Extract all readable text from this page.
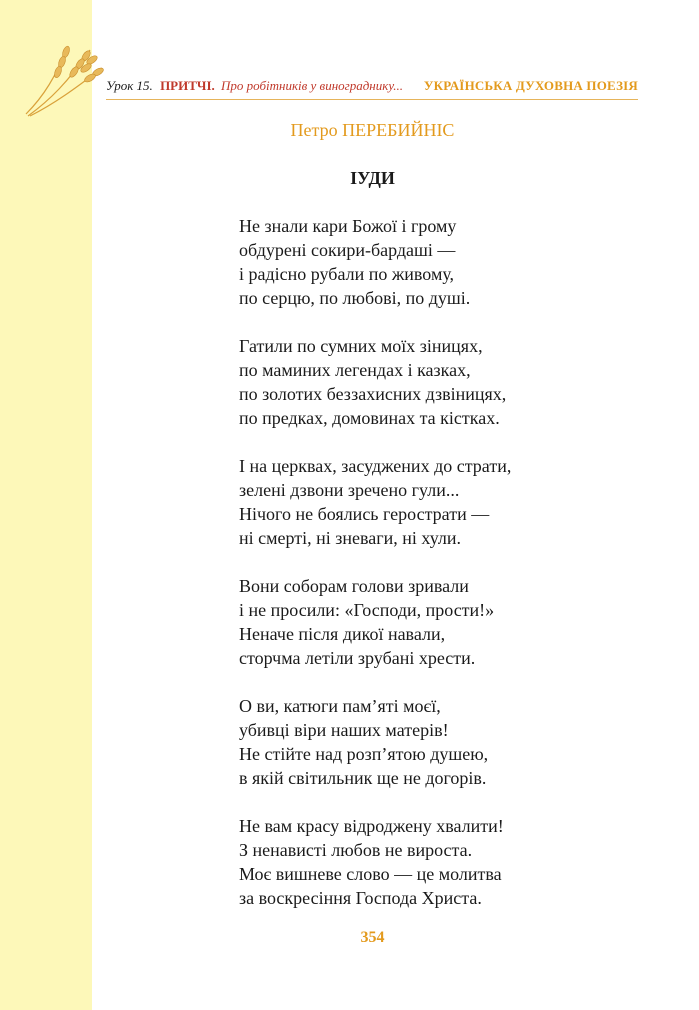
Урок 15. ПРИТЧІ. Про робітників у винограднику... УКРАЇНСЬКА ДУХОВНА ПОЕЗІЯ
Петро ПЕРЕБИЙНІС
ІУДИ
Не знали кари Божої і грому
обдурені сокири-бардаші —
і радісно рубали по живому,
по серцю, по любові, по душі.
Гатили по сумних моїх зіницях,
по маминих легендах і казках,
по золотих беззахисних дзвіницях,
по предках, домовинах та кістках.
І на церквах, засуджених до страти,
зелені дзвони зречено гули...
Нічого не боялись герострати —
ні смерті, ні зневаги, ні хули.
Вони соборам голови зривали
і не просили: «Господи, прости!»
Неначе після дикої навали,
сторчма летіли зрубані хрести.
О ви, катюги пам’яті моєї,
убивці віри наших матерів!
Не стійте над розп’ятою душею,
в якій світильник ще не догорів.
Не вам красу відроджену хвалити!
З ненависті любов не вироста.
Моє вишневе слово — це молитва
за воскресіння Господа Христа.
354
